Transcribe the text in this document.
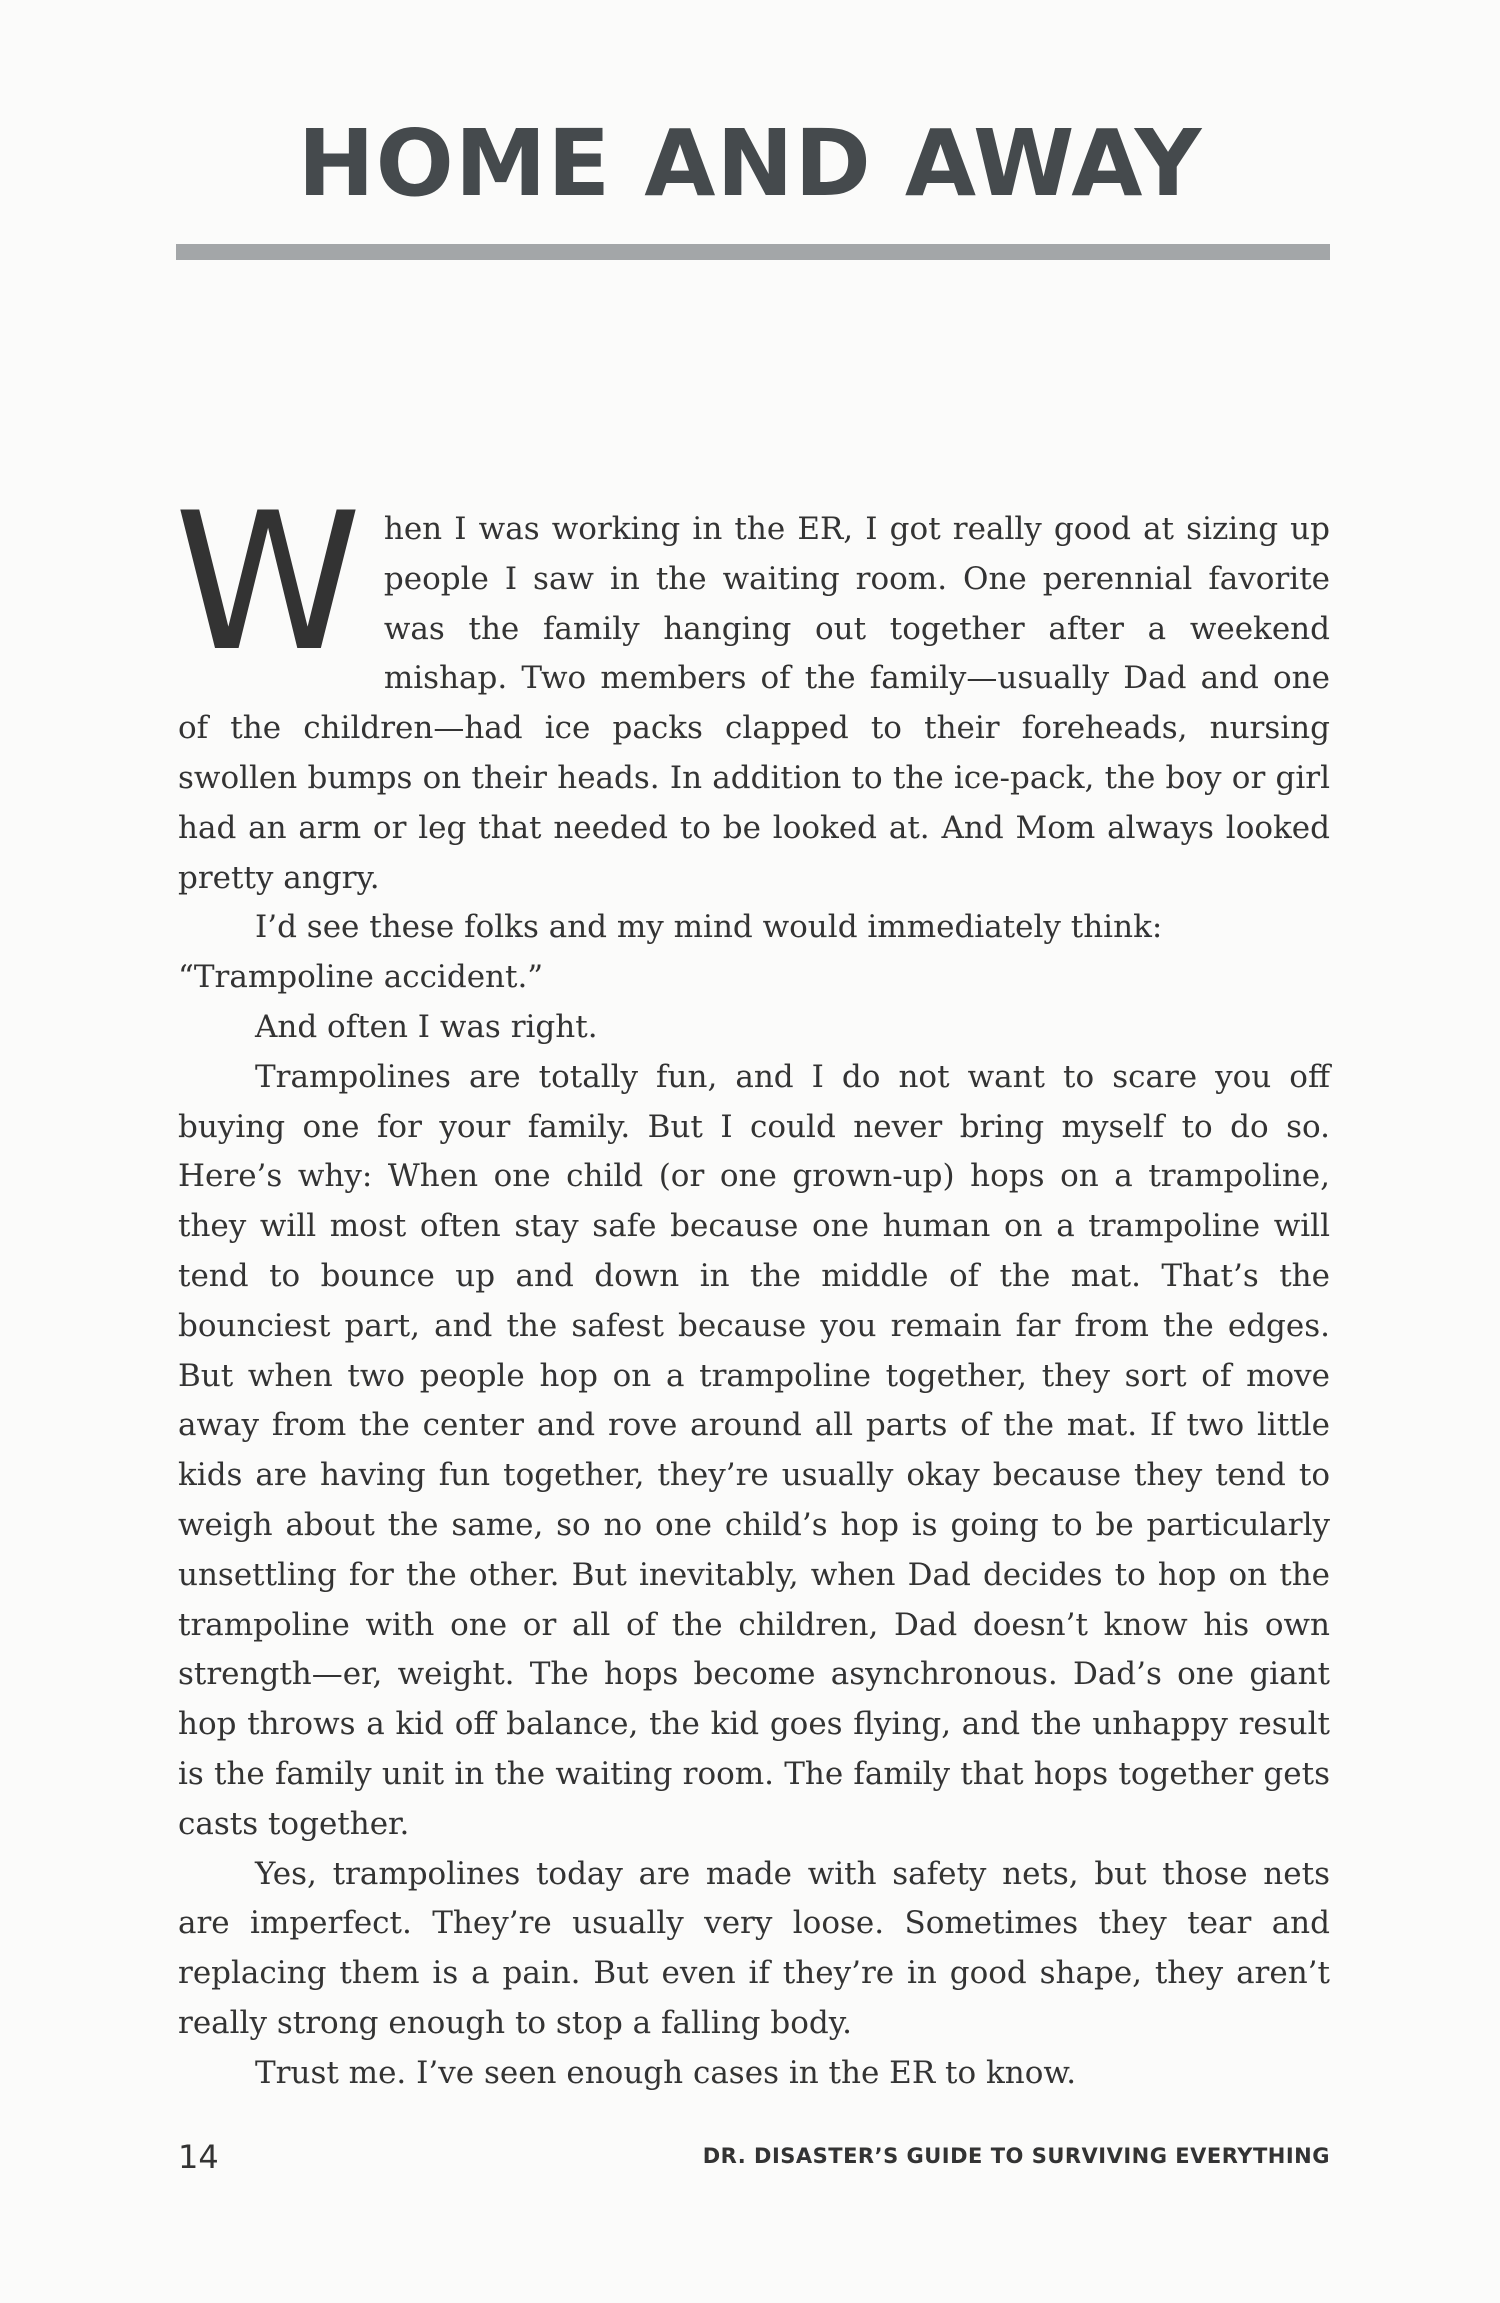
HOME AND AWAY

When I was working in the ER, I got really good at sizing up people I saw in the waiting room. One perennial favorite was the family hanging out together after a weekend mishap. Two members of the family—usually Dad and one of the children—had ice packs clapped to their foreheads, nursing swollen bumps on their heads. In addition to the ice-pack, the boy or girl had an arm or leg that needed to be looked at. And Mom always looked pretty angry.

I’d see these folks and my mind would immediately think: “Trampoline accident.”

And often I was right.

Trampolines are totally fun, and I do not want to scare you off buying one for your family. But I could never bring myself to do so. Here’s why: When one child (or one grown-up) hops on a trampoline, they will most often stay safe because one human on a trampoline will tend to bounce up and down in the middle of the mat. That’s the bounciest part, and the safest because you remain far from the edges. But when two people hop on a trampoline together, they sort of move away from the center and rove around all parts of the mat. If two little kids are having fun together, they’re usually okay because they tend to weigh about the same, so no one child’s hop is going to be particularly unsettling for the other. But inevitably, when Dad decides to hop on the trampoline with one or all of the children, Dad doesn’t know his own strength—er, weight. The hops become asynchronous. Dad’s one giant hop throws a kid off balance, the kid goes flying, and the unhappy result is the family unit in the waiting room. The family that hops together gets casts together.

Yes, trampolines today are made with safety nets, but those nets are imperfect. They’re usually very loose. Sometimes they tear and replacing them is a pain. But even if they’re in good shape, they aren’t really strong enough to stop a falling body.

Trust me. I’ve seen enough cases in the ER to know.

14	DR. DISASTER’S GUIDE TO SURVIVING EVERYTHING
